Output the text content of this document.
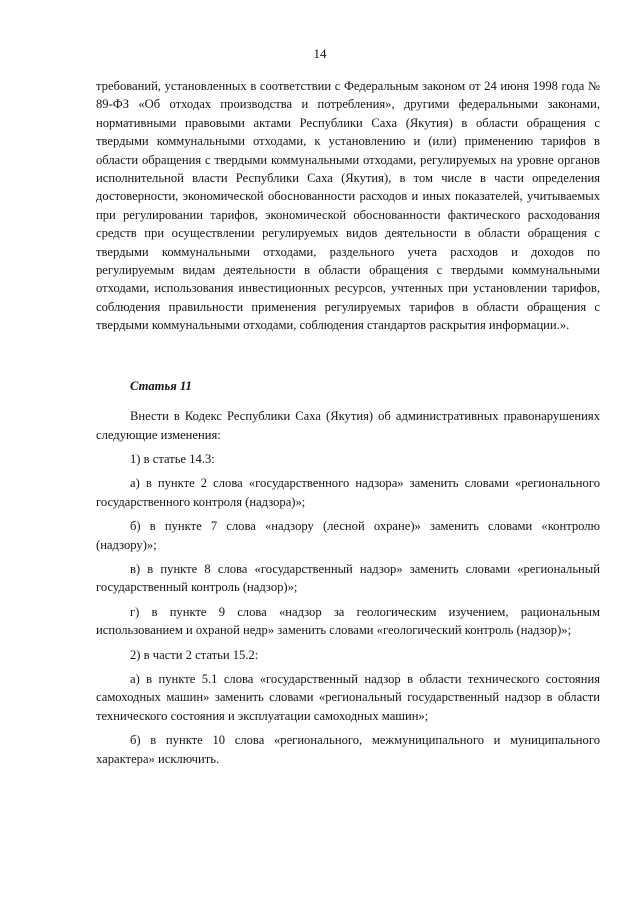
14

требований, установленных в соответствии с Федеральным законом от 24 июня 1998 года № 89-ФЗ «Об отходах производства и потребления», другими федеральными законами, нормативными правовыми актами Республики Саха (Якутия) в области обращения с твердыми коммунальными отходами, к установлению и (или) применению тарифов в области обращения с твердыми коммунальными отходами, регулируемых на уровне органов исполнительной власти Республики Саха (Якутия), в том числе в части определения достоверности, экономической обоснованности расходов и иных показателей, учитываемых при регулировании тарифов, экономической обоснованности фактического расходования средств при осуществлении регулируемых видов деятельности в области обращения с твердыми коммунальными отходами, раздельного учета расходов и доходов по регулируемым видам деятельности в области обращения с твердыми коммунальными отходами, использования инвестиционных ресурсов, учтенных при установлении тарифов, соблюдения правильности применения регулируемых тарифов в области обращения с твердыми коммунальными отходами, соблюдения стандартов раскрытия информации.».

Статья 11

Внести в Кодекс Республики Саха (Якутия) об административных правонарушениях следующие изменения:

1) в статье 14.3:

а) в пункте 2 слова «государственного надзора» заменить словами «регионального государственного контроля (надзора)»;

б) в пункте 7 слова «надзору (лесной охране)» заменить словами «контролю (надзору)»;

в) в пункте 8 слова «государственный надзор» заменить словами «региональный государственный контроль (надзор)»;

г) в пункте 9 слова «надзор за геологическим изучением, рациональным использованием и охраной недр» заменить словами «геологический контроль (надзор)»;

2) в части 2 статьи 15.2:

а) в пункте 5.1 слова «государственный надзор в области технического состояния самоходных машин» заменить словами «региональный государственный надзор в области технического состояния и эксплуатации самоходных машин»;

б) в пункте 10 слова «регионального, межмуниципального и муниципального характера» исключить.
